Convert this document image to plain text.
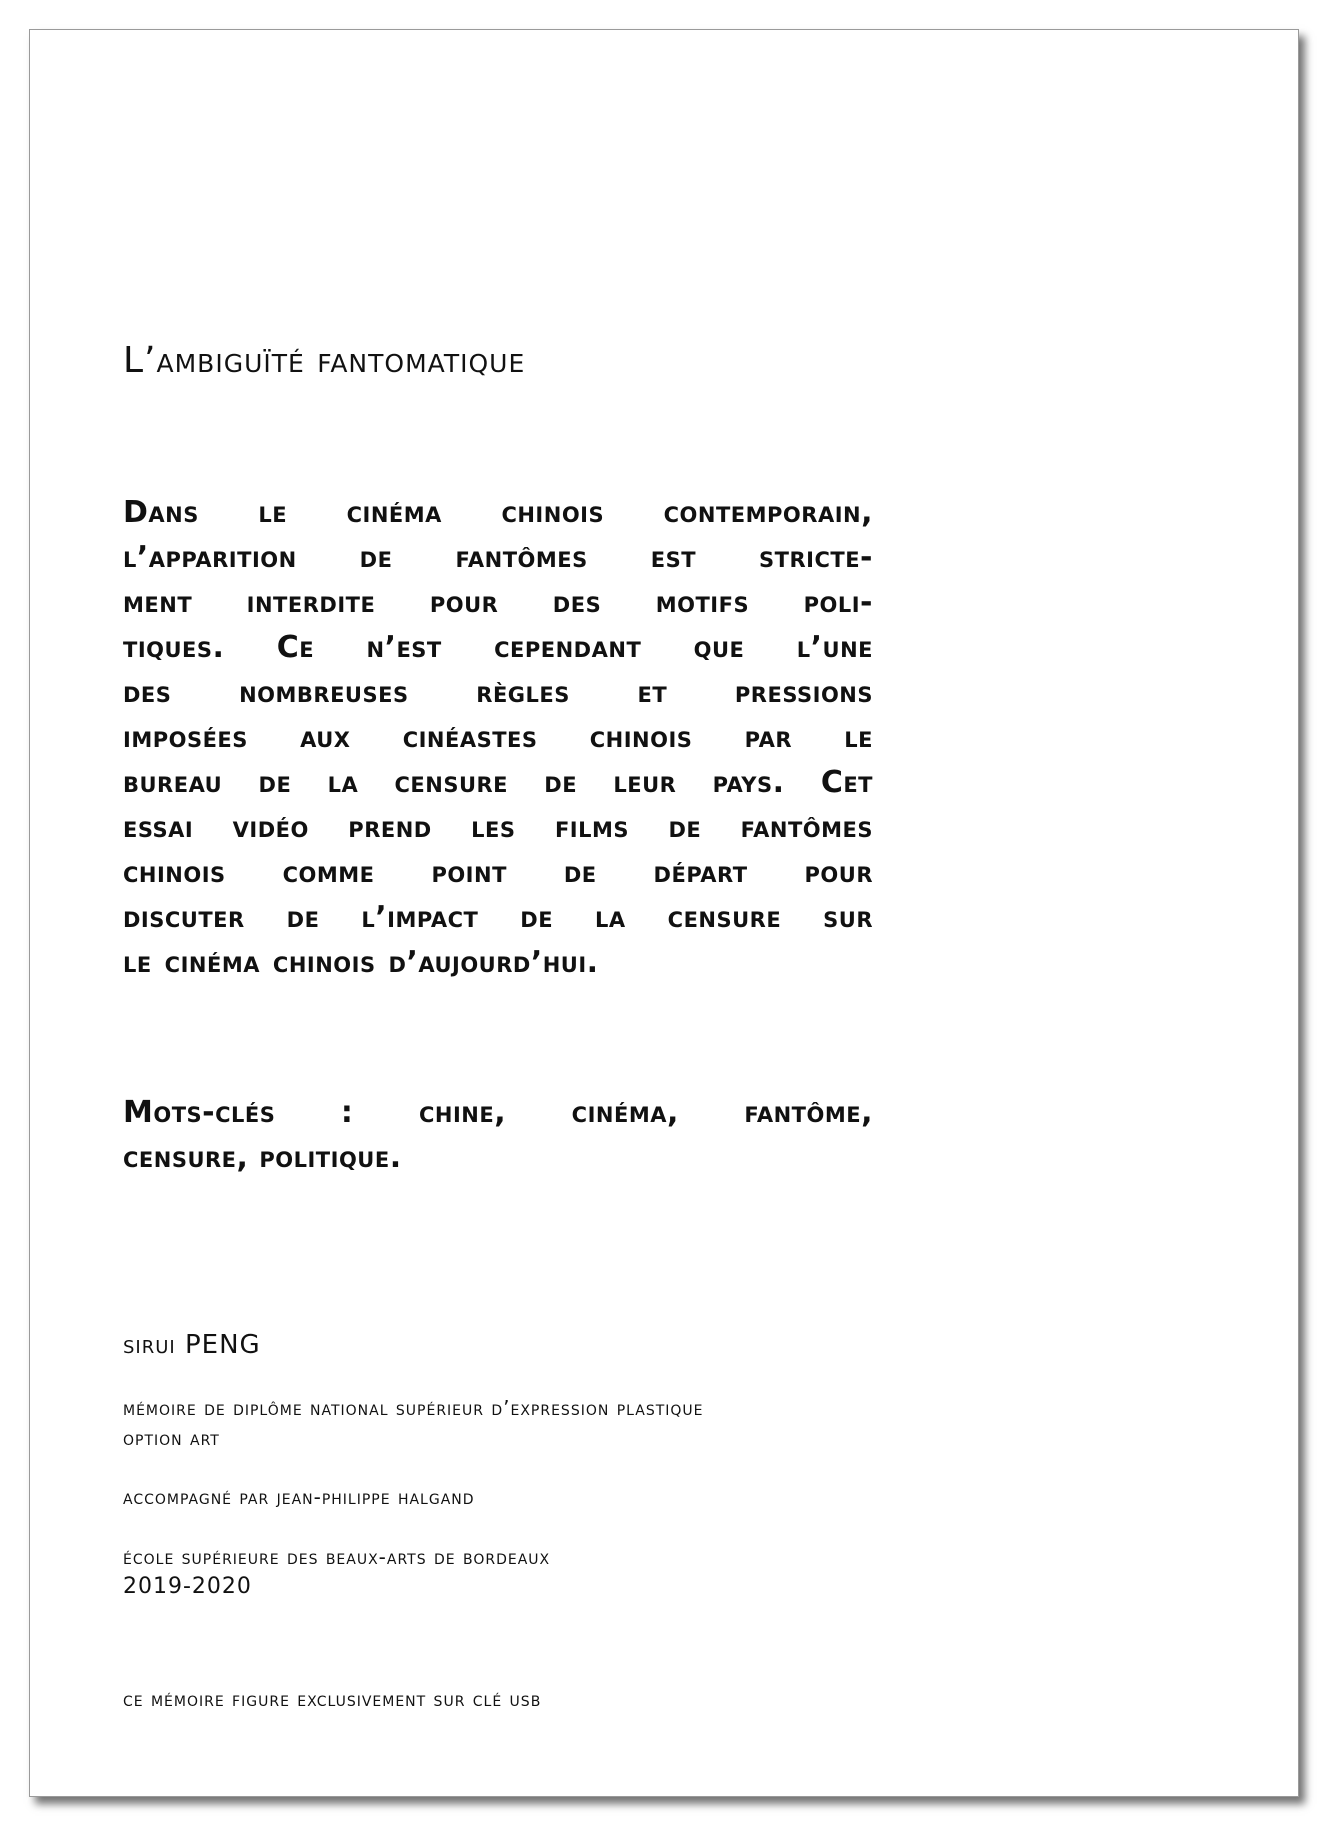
L’ambiguïté fantomatique

Dans le cinéma chinois contemporain,
l’apparition de fantômes est stricte-
ment interdite pour des motifs poli-
tiques. Ce n’est cependant que l’une
des nombreuses règles et pressions
imposées aux cinéastes chinois par le
bureau de la censure de leur pays. Cet
essai vidéo prend les films de fantômes
chinois comme point de départ pour
discuter de l’impact de la censure sur
le cinéma chinois d’aujourd’hui.

Mots-clés : chine, cinéma, fantôme,
censure, politique.

sirui PENG

mémoire de diplôme national supérieur d’expression plastique
option art

accompagné par jean-philippe halgand

école supérieure des beaux-arts de bordeaux

2019-2020

ce mémoire figure exclusivement sur clé usb
